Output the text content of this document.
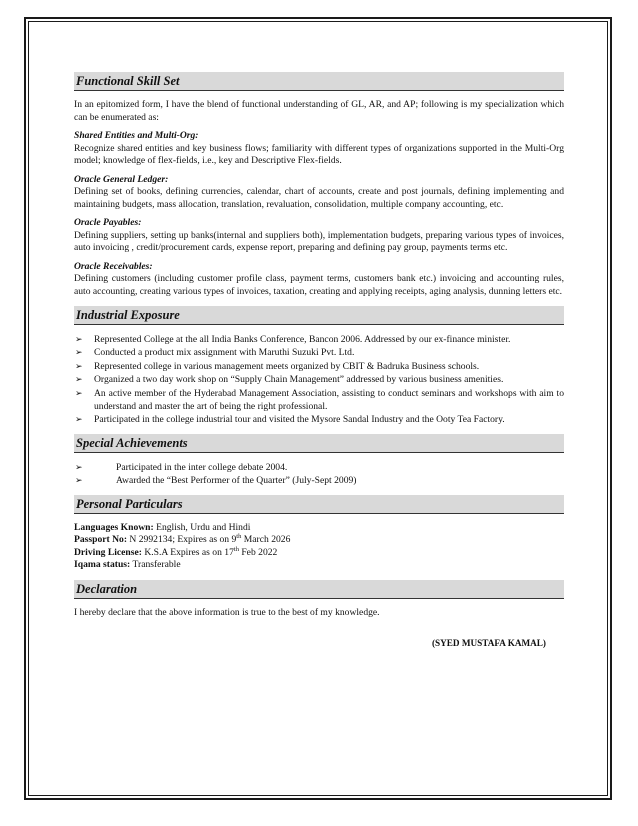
Functional Skill Set

In an epitomized form, I have the blend of functional understanding of GL, AR, and AP; following is my specialization which can be enumerated as:

Shared Entities and Multi-Org:
Recognize shared entities and key business flows; familiarity with different types of organizations supported in the Multi-Org model; knowledge of flex-fields, i.e., key and Descriptive Flex-fields.
Oracle General Ledger:
Defining set of books, defining currencies, calendar, chart of accounts, create and post journals, defining implementing and maintaining budgets, mass allocation, translation, revaluation, consolidation, multiple company accounting, etc.
Oracle Payables:
Defining suppliers, setting up banks(internal and suppliers both), implementation budgets, preparing various types of invoices, auto invoicing , credit/procurement cards, expense report, preparing and defining pay group, payments terms etc.
Oracle Receivables:
Defining customers (including customer profile class, payment terms, customers bank etc.) invoicing and accounting rules, auto accounting, creating various types of invoices, taxation, creating and applying receipts, aging analysis, dunning letters etc.
Industrial Exposure
➢ Represented College at the all India Banks Conference, Bancon 2006. Addressed by our ex-finance minister.
➢ Conducted a product mix assignment with Maruthi Suzuki Pvt. Ltd.
➢ Represented college in various management meets organized by CBIT & Badruka Business schools.
➢ Organized a two day work shop on “Supply Chain Management” addressed by various business amenities.
➢ An active member of the Hyderabad Management Association, assisting to conduct seminars and workshops with aim to understand and master the art of being the right professional.
➢ Participated in the college industrial tour and visited the Mysore Sandal Industry and the Ooty Tea Factory.
Special Achievements
➢	Participated in the inter college debate 2004.
➢	Awarded the “Best Performer of the Quarter” (July-Sept 2009)
Personal Particulars
Languages Known: English, Urdu and Hindi
Passport No: N 2992134; Expires as on 9th March 2026
Driving License: K.S.A Expires as on 17th Feb 2022
Iqama status: Transferable
Declaration

I hereby declare that the above information is true to the best of my knowledge.

(SYED MUSTAFA KAMAL)
